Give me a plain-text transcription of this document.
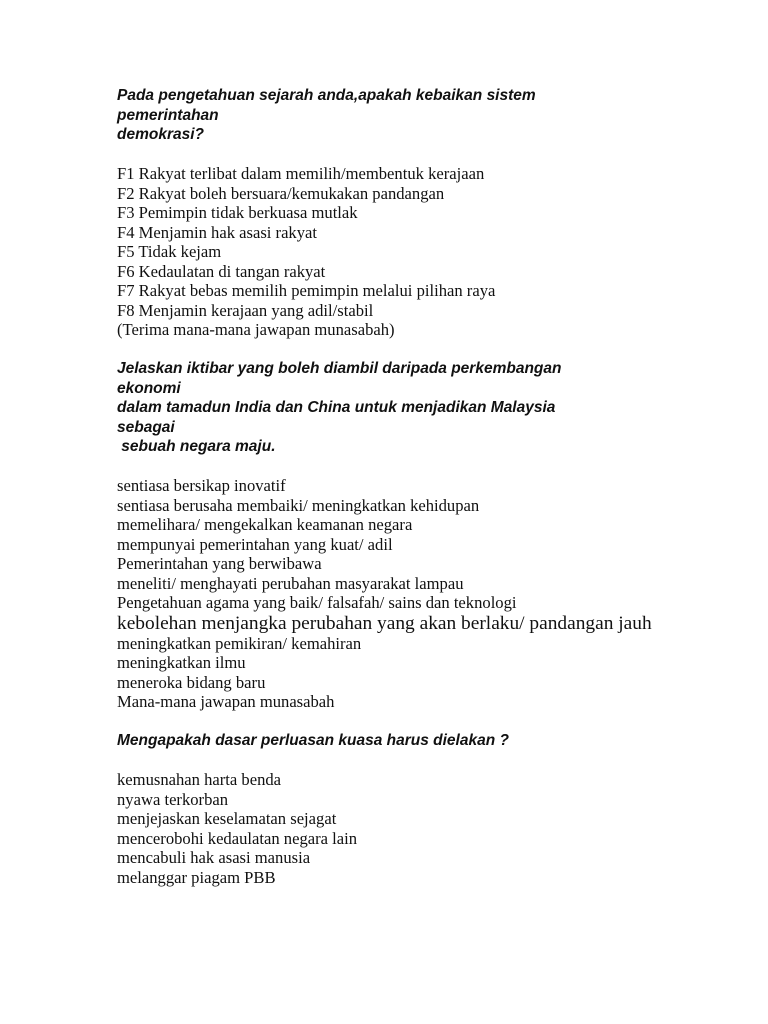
Pada pengetahuan sejarah anda,apakah kebaikan sistem
pemerintahan
demokrasi?
F1 Rakyat terlibat dalam memilih/membentuk kerajaan
F2 Rakyat boleh bersuara/kemukakan pandangan
F3 Pemimpin tidak berkuasa mutlak
F4 Menjamin hak asasi rakyat
F5 Tidak kejam
F6 Kedaulatan di tangan rakyat
F7 Rakyat bebas memilih pemimpin melalui pilihan raya
F8 Menjamin kerajaan yang adil/stabil
(Terima mana-mana jawapan munasabah)
Jelaskan iktibar yang boleh diambil daripada perkembangan
ekonomi
dalam tamadun India dan China untuk menjadikan Malaysia
sebagai
sebuah negara maju.
sentiasa bersikap inovatif
sentiasa berusaha membaiki/ meningkatkan kehidupan
memelihara/ mengekalkan keamanan negara
mempunyai pemerintahan yang kuat/ adil
Pemerintahan yang berwibawa
meneliti/ menghayati perubahan masyarakat lampau
Pengetahuan agama yang baik/ falsafah/ sains dan teknologi
kebolehan menjangka perubahan yang akan berlaku/ pandangan jauh
meningkatkan pemikiran/ kemahiran
meningkatkan ilmu
meneroka bidang baru
Mana-mana jawapan munasabah
Mengapakah dasar perluasan kuasa harus dielakan ?
kemusnahan harta benda
nyawa terkorban
menjejaskan keselamatan sejagat
mencerobohi kedaulatan negara lain
mencabuli hak asasi manusia
melanggar piagam PBB
